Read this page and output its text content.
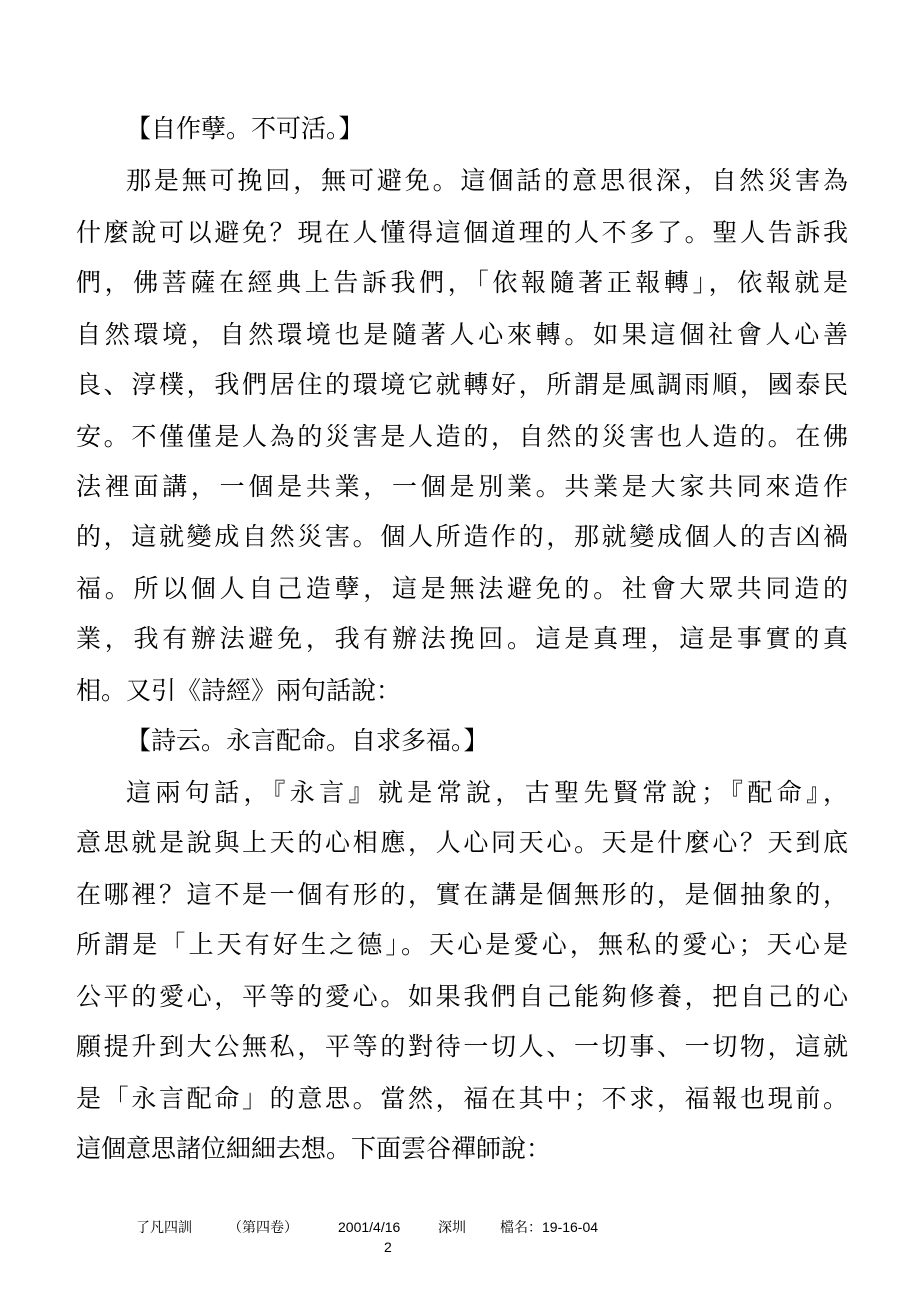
【自作孽。不可活。】
那是無可挽回，無可避免。這個話的意思很深，自然災害為
什麼說可以避免？現在人懂得這個道理的人不多了。聖人告訴我
們，佛菩薩在經典上告訴我們，「依報隨著正報轉」，依報就是
自然環境，自然環境也是隨著人心來轉。如果這個社會人心善
良、淳樸，我們居住的環境它就轉好，所謂是風調雨順，國泰民
安。不僅僅是人為的災害是人造的，自然的災害也人造的。在佛
法裡面講，一個是共業，一個是別業。共業是大家共同來造作
的，這就變成自然災害。個人所造作的，那就變成個人的吉凶禍
福。所以個人自己造孽，這是無法避免的。社會大眾共同造的
業，我有辦法避免，我有辦法挽回。這是真理，這是事實的真
相。又引《詩經》兩句話說：
【詩云。永言配命。自求多福。】
這兩句話，『永言』就是常說，古聖先賢常說；『配命』，
意思就是說與上天的心相應，人心同天心。天是什麼心？天到底
在哪裡？這不是一個有形的，實在講是個無形的，是個抽象的，
所謂是「上天有好生之德」。天心是愛心，無私的愛心；天心是
公平的愛心，平等的愛心。如果我們自己能夠修養，把自己的心
願提升到大公無私，平等的對待一切人、一切事、一切物，這就
是「永言配命」的意思。當然，福在其中；不求，福報也現前。
這個意思諸位細細去想。下面雲谷禪師說：
了凡四訓	（第四卷）	2001/4/16	深圳 檔名：19-16-04
2
